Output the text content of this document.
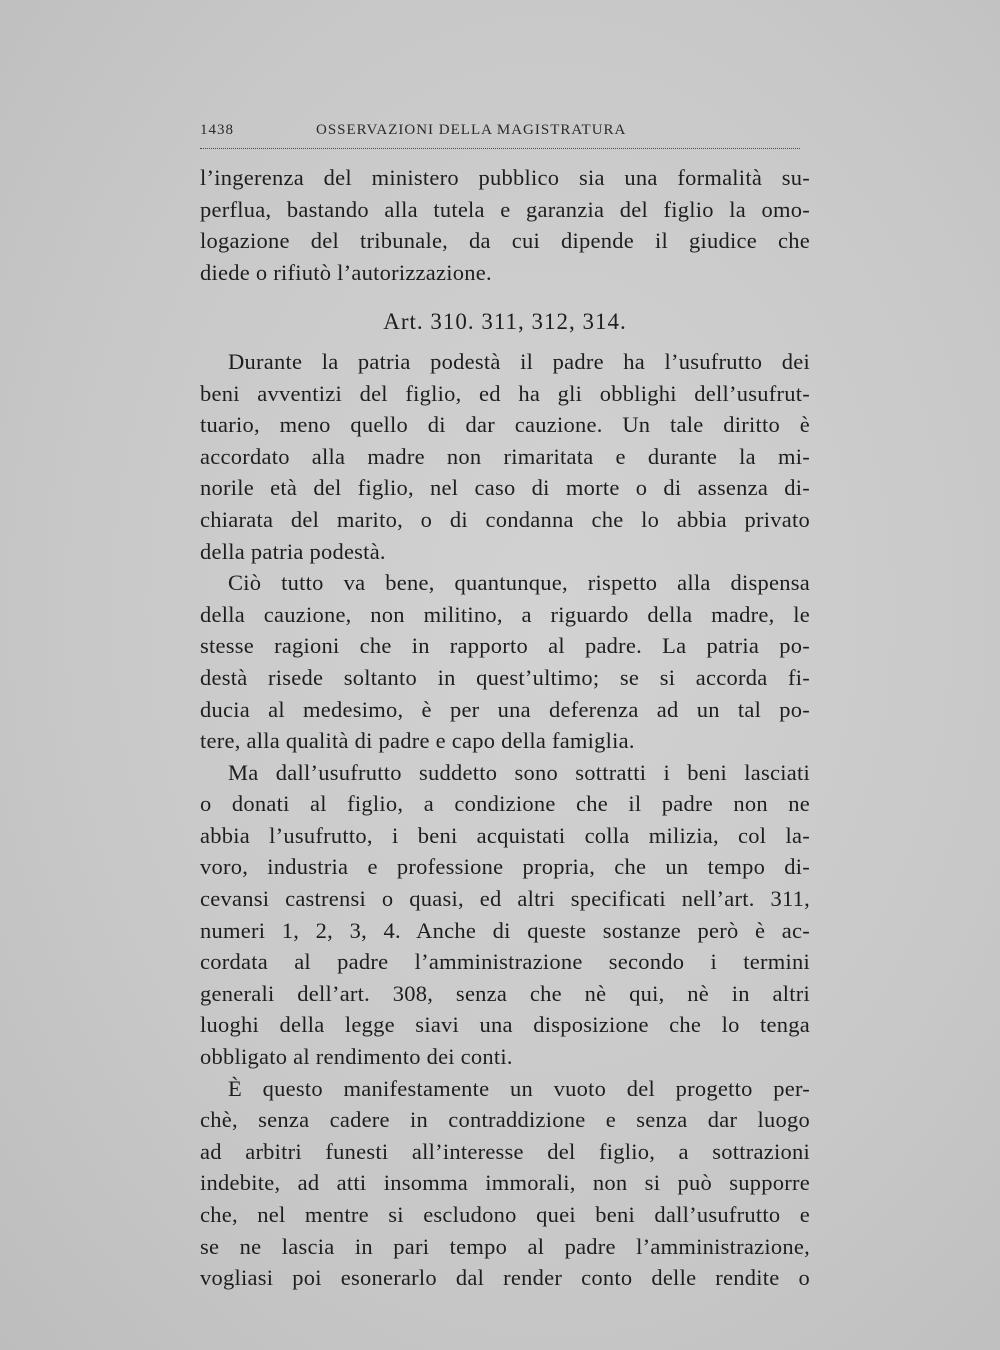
1438	OSSERVAZIONI DELLA MAGISTRATURA
l’ingerenza del ministero pubblico sia una formalità su-
perflua, bastando alla tutela e garanzia del figlio la omo-
logazione del tribunale, da cui dipende il giudice che
diede o rifiutò l’autorizzazione.
Art. 310. 311, 312, 314.
Durante la patria podestà il padre ha l’usufrutto dei
beni avventizi del figlio, ed ha gli obblighi dell’usufrut-
tuario, meno quello di dar cauzione. Un tale diritto è
accordato alla madre non rimaritata e durante la mi-
norile età del figlio, nel caso di morte o di assenza di-
chiarata del marito, o di condanna che lo abbia privato
della patria podestà.
Ciò tutto va bene, quantunque, rispetto alla dispensa
della cauzione, non militino, a riguardo della madre, le
stesse ragioni che in rapporto al padre. La patria po-
destà risede soltanto in quest’ultimo; se si accorda fi-
ducia al medesimo, è per una deferenza ad un tal po-
tere, alla qualità di padre e capo della famiglia.
Ma dall’usufrutto suddetto sono sottratti i beni lasciati
o donati al figlio, a condizione che il padre non ne
abbia l’usufrutto, i beni acquistati colla milizia, col la-
voro, industria e professione propria, che un tempo di-
cevansi castrensi o quasi, ed altri specificati nell’art. 311,
numeri 1, 2, 3, 4. Anche di queste sostanze però è ac-
cordata al padre l’amministrazione secondo i termini
generali dell’art. 308, senza che nè qui, nè in altri
luoghi della legge siavi una disposizione che lo tenga
obbligato al rendimento dei conti.
È questo manifestamente un vuoto del progetto per-
chè, senza cadere in contraddizione e senza dar luogo
ad arbitri funesti all’interesse del figlio, a sottrazioni
indebite, ad atti insomma immorali, non si può supporre
che, nel mentre si escludono quei beni dall’usufrutto e
se ne lascia in pari tempo al padre l’amministrazione,
vogliasi poi esonerarlo dal render conto delle rendite o
